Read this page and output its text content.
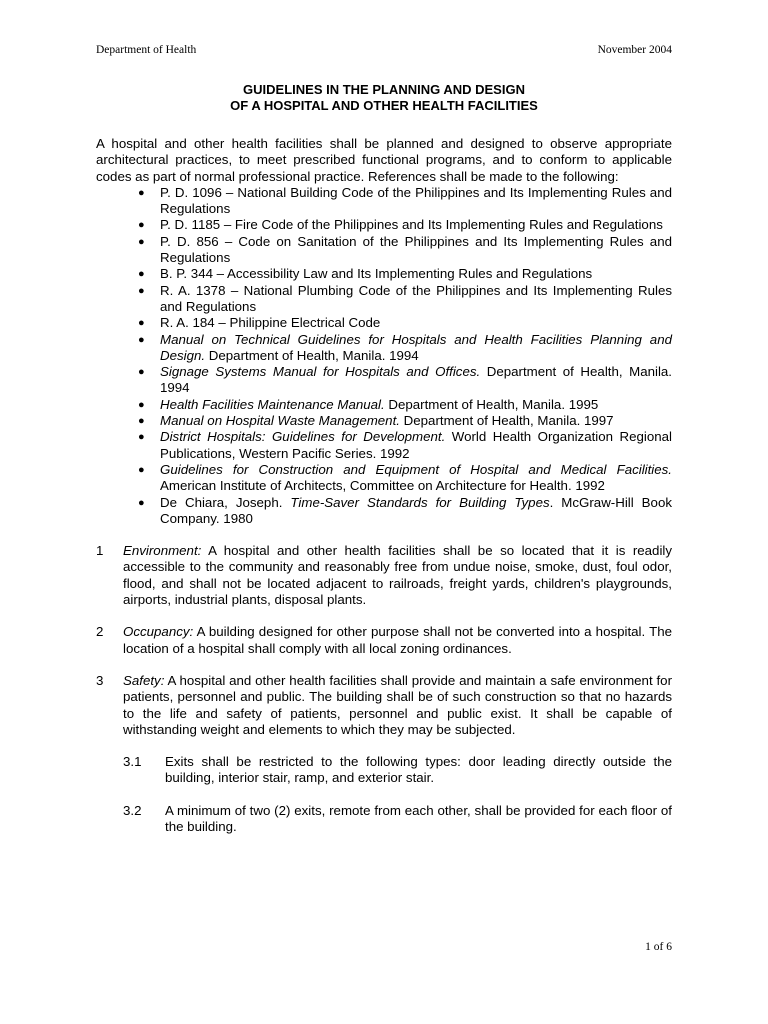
Department of Health	November 2004
GUIDELINES IN THE PLANNING AND DESIGN
OF A HOSPITAL AND OTHER HEALTH FACILITIES

A hospital and other health facilities shall be planned and designed to observe appropriate architectural practices, to meet prescribed functional programs, and to conform to applicable codes as part of normal professional practice. References shall be made to the following:

● P. D. 1096 – National Building Code of the Philippines and Its Implementing Rules and Regulations
● P. D. 1185 – Fire Code of the Philippines and Its Implementing Rules and Regulations
● P. D. 856 – Code on Sanitation of the Philippines and Its Implementing Rules and Regulations
● B. P. 344 – Accessibility Law and Its Implementing Rules and Regulations
● R. A. 1378 – National Plumbing Code of the Philippines and Its Implementing Rules and Regulations
● R. A. 184 – Philippine Electrical Code
● Manual on Technical Guidelines for Hospitals and Health Facilities Planning and Design. Department of Health, Manila. 1994
● Signage Systems Manual for Hospitals and Offices. Department of Health, Manila. 1994
● Health Facilities Maintenance Manual. Department of Health, Manila. 1995
● Manual on Hospital Waste Management. Department of Health, Manila. 1997
● District Hospitals: Guidelines for Development. World Health Organization Regional Publications, Western Pacific Series. 1992
● Guidelines for Construction and Equipment of Hospital and Medical Facilities. American Institute of Architects, Committee on Architecture for Health. 1992
● De Chiara, Joseph. Time-Saver Standards for Building Types. McGraw-Hill Book Company. 1980
1	Environment: A hospital and other health facilities shall be so located that it is readily accessible to the community and reasonably free from undue noise, smoke, dust, foul odor, flood, and shall not be located adjacent to railroads, freight yards, children's playgrounds, airports, industrial plants, disposal plants.
2	Occupancy: A building designed for other purpose shall not be converted into a hospital. The location of a hospital shall comply with all local zoning ordinances.
3	Safety: A hospital and other health facilities shall provide and maintain a safe environment for patients, personnel and public. The building shall be of such construction so that no hazards to the life and safety of patients, personnel and public exist. It shall be capable of withstanding weight and elements to which they may be subjected.
3.1	Exits shall be restricted to the following types: door leading directly outside the building, interior stair, ramp, and exterior stair.
3.2	A minimum of two (2) exits, remote from each other, shall be provided for each floor of the building.
1 of 6
